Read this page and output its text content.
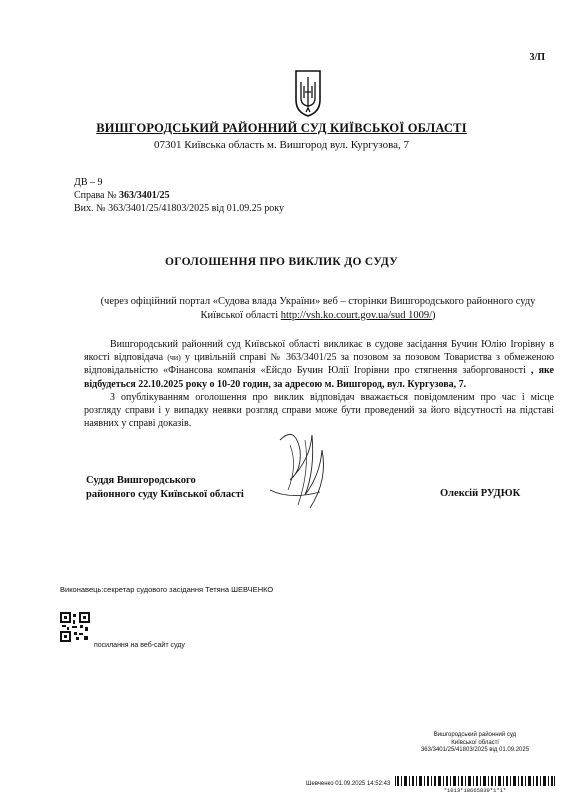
3/П
ВИШГОРОДСЬКИЙ РАЙОННИЙ СУД КИЇВСЬКОЇ ОБЛАСТІ
07301 Київська область м. Вишгород вул. Кургузова, 7
ДВ – 9
Справа № 363/3401/25
Вих. № 363/3401/25/41803/2025 від 01.09.25 року
ОГОЛОШЕННЯ ПРО ВИКЛИК ДО СУДУ
(через офіційний портал «Судова влада України» веб – сторінки Вишгородського районного суду Київської області http://vsh.ko.court.gov.ua/sud 1009/)

Вишгородський районний суд Київської області викликає в судове засідання Бучин Юлію Ігорівну в якості відповідача (чи) у цивільній справі № 363/3401/25 за позовом за позовом Товариства з обмеженою відповідальністю «Фінансова компанія «Ейсдо Бучин Юлії Ігорівни про стягнення заборгованості , яке відбудеться 22.10.2025 року о 10-20 годин, за адресою м. Вишгород, вул. Кургузова, 7.

З опублікуванням оголошення про виклик відповідач вважається повідомленим про час і місце розгляду справи і у випадку неявки розгляд справи може бути проведений за його відсутності на підставі наявних у справі доказів.

Суддя Вишгородського
районного суду Київської області	Олексій РУДЮК
Виконавець:секретар судового засідання Тетяна ШЕВЧЕНКО
посилання на веб-сайт суду
Вишгородський районний суд
Київської області
363/3401/25/41803/2025 від 01.09.2025
Шевченко 01.09.2025 14:52:43
*1013*18665839*1*1*
